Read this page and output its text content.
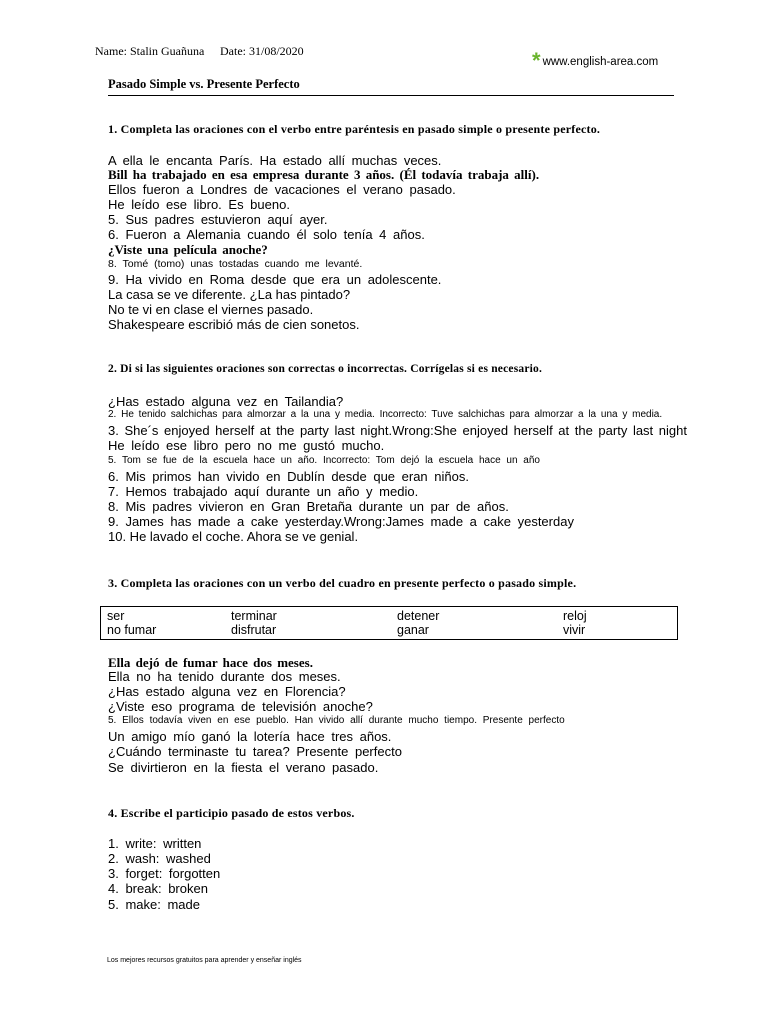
Name: Stalin Guañuna Date: 31/08/2020	* www.english-area.com
Pasado Simple vs. Presente Perfecto
1. Completa las oraciones con el verbo entre paréntesis en pasado simple o presente perfecto.
A ella le encanta París. Ha estado allí muchas veces.
Bill ha trabajado en esa empresa durante 3 años. (Él todavía trabaja allí).
Ellos fueron a Londres de vacaciones el verano pasado.
He leído ese libro. Es bueno.
5. Sus padres estuvieron aquí ayer.
6. Fueron a Alemania cuando él solo tenía 4 años.
¿Viste una película anoche?
8. Tomé (tomo) unas tostadas cuando me levanté.
9. Ha vivido en Roma desde que era un adolescente.
La casa se ve diferente. ¿La has pintado?
No te vi en clase el viernes pasado.
Shakespeare escribió más de cien sonetos.
2. Di si las siguientes oraciones son correctas o incorrectas. Corrígelas si es necesario.
¿Has estado alguna vez en Tailandia?
2. He tenido salchichas para almorzar a la una y media. Incorrecto: Tuve salchichas para almorzar a la una y media.
3. She´s enjoyed herself at the party last night.Wrong:She enjoyed herself at the party last night
He leído ese libro pero no me gustó mucho.
5. Tom se fue de la escuela hace un año. Incorrecto: Tom dejó la escuela hace un año
6. Mis primos han vivido en Dublín desde que eran niños.
7. Hemos trabajado aquí durante un año y medio.
8. Mis padres vivieron en Gran Bretaña durante un par de años.
9. James has made a cake yesterday.Wrong:James made a cake yesterday
10. He lavado el coche. Ahora se ve genial.
3. Completa las oraciones con un verbo del cuadro en presente perfecto o pasado simple.
ser	terminar	detener	reloj
no fumar	disfrutar	ganar	vivir
Ella dejó de fumar hace dos meses.
Ella no ha tenido durante dos meses.
¿Has estado alguna vez en Florencia?
¿Viste eso programa de televisión anoche?
5. Ellos todavía viven en ese pueblo. Han vivido allí durante mucho tiempo. Presente perfecto
Un amigo mío ganó la lotería hace tres años.
¿Cuándo terminaste tu tarea? Presente perfecto
Se divirtieron en la fiesta el verano pasado.
4. Escribe el participio pasado de estos verbos.
1. write: written
2. wash: washed
3. forget: forgotten
4. break: broken
5. make: made
Los mejores recursos gratuitos para aprender y enseñar inglés
